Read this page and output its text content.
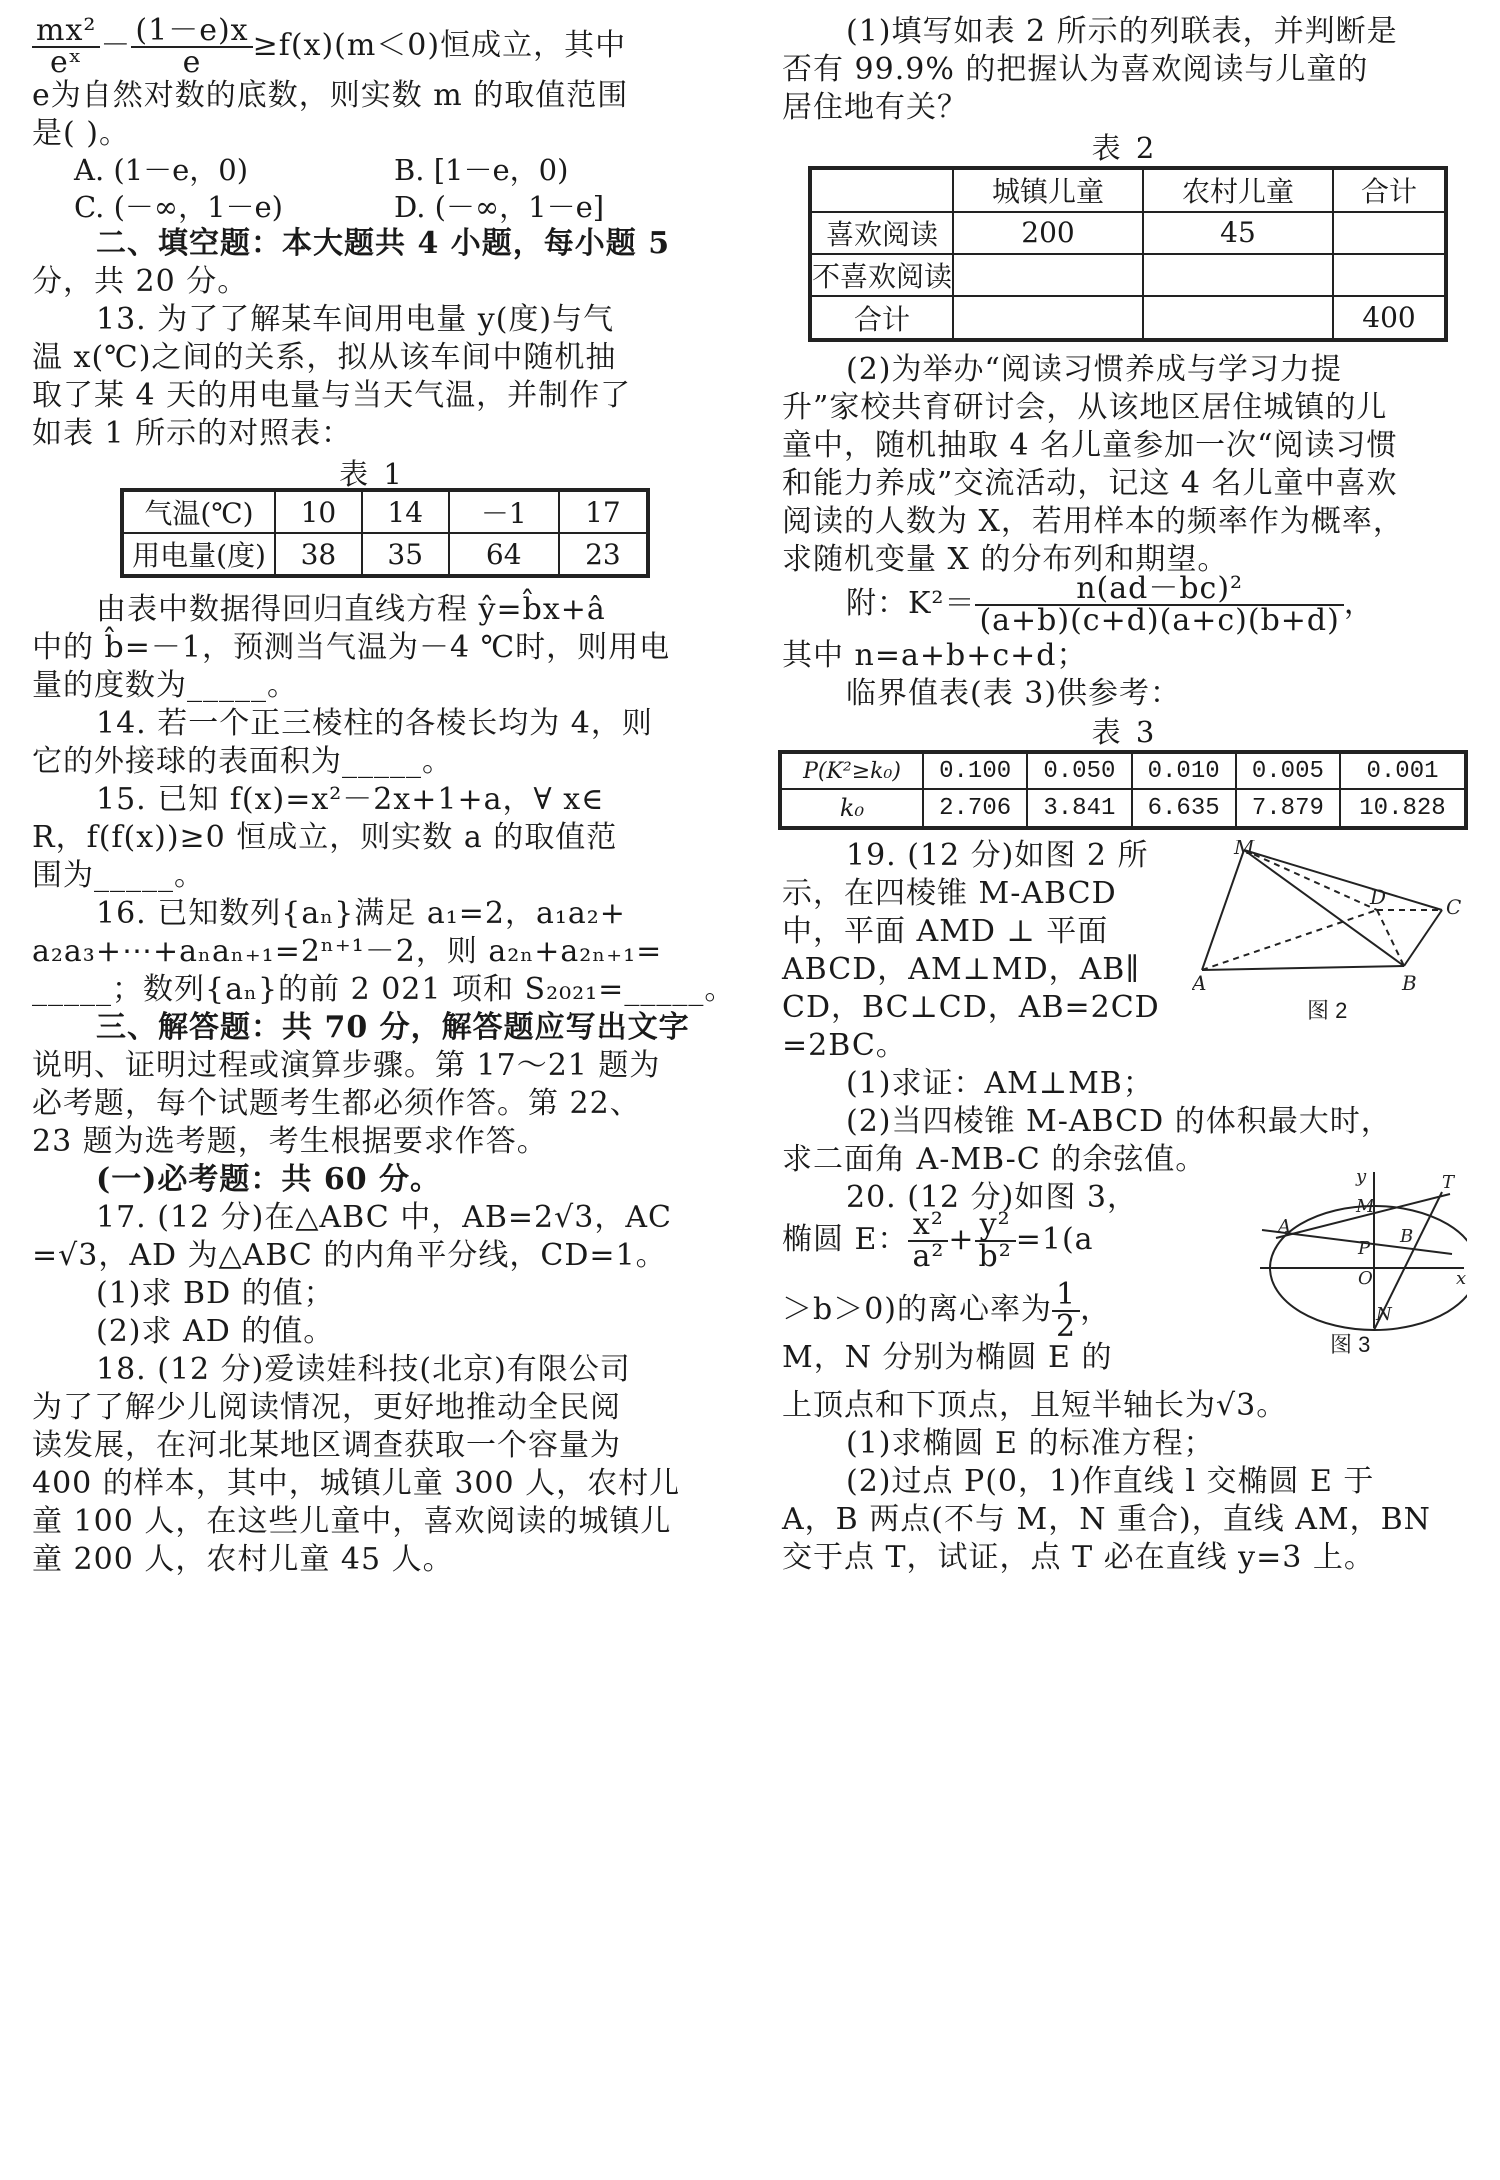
$\frac{\text{mx²}}{\text{eˣ}} - \frac{(1-e)x}{e} \ge f(x)(m<0)$恒成立，其中
e为自然对数的底数，则实数 m 的取值范围
是( )。
A. (1－e，0)	B. [1－e，0)
C. (－∞，1－e)	D. (－∞，1－e]
二、填空题：本大题共 4 小题，每小题 5
分，共 20 分。
13. 为了了解某车间用电量 y(度)与气
温 x(℃)之间的关系，拟从该车间中随机抽
取了某 4 天的用电量与当天气温，并制作了
如表 1 所示的对照表：
表 1
气温(℃)	10	14	－1	17
用电量(度)	38	35	64	23
由表中数据得回归直线方程 ŷ=b̂x+â
中的 b̂=－1，预测当气温为－4 ℃时，则用电
量的度数为_____。
14. 若一个正三棱柱的各棱长均为 4，则
它的外接球的表面积为_____。
15. 已知 f(x)=x²－2x+1+a，∀ x∈
R，f(f(x))≥0 恒成立，则实数 a 的取值范
围为_____。
16. 已知数列{aₙ}满足 a₁=2，a₁a₂+
a₂a₃+⋯+aₙaₙ₊₁=2ⁿ⁺¹－2，则 a₂ₙ+a₂ₙ₊₁=
_____；数列{aₙ}的前 2 021 项和 S₂₀₂₁=_____。
三、解答题：共 70 分，解答题应写出文字
说明、证明过程或演算步骤。第 17～21 题为
必考题，每个试题考生都必须作答。第 22、
23 题为选考题，考生根据要求作答。
(一)必考题：共 60 分。
17. (12 分)在△ABC 中，AB=2√3，AC
=√3，AD 为△ABC 的内角平分线，CD=1。
(1)求 BD 的值；
(2)求 AD 的值。
18. (12 分)爱读娃科技(北京)有限公司
为了了解少儿阅读情况，更好地推动全民阅
读发展，在河北某地区调查获取一个容量为
400 的样本，其中，城镇儿童 300 人，农村儿
童 100 人，在这些儿童中，喜欢阅读的城镇儿
童 200 人，农村儿童 45 人。
(1)填写如表 2 所示的列联表，并判断是
否有 99.9% 的把握认为喜欢阅读与儿童的
居住地有关？
表 2
	城镇儿童	农村儿童	合计
喜欢阅读	200	45	
不喜欢阅读			
合计			400
(2)为举办“阅读习惯养成与学习力提
升”家校共育研讨会，从该地区居住城镇的儿
童中，随机抽取 4 名儿童参加一次“阅读习惯
和能力养成”交流活动，记这 4 名儿童中喜欢
阅读的人数为 X，若用样本的频率作为概率，
求随机变量 X 的分布列和期望。
附：$K^2= \frac{\text{n(ad－bc)²}}{(a+b)(c+d)(a+c)(b+d)}$ ，
其中 n=a+b+c+d；
临界值表(表 3)供参考：
表 3
P(K²≥k₀)	0.100	0.050	0.010	0.005	0.001
k₀	2.706	3.841	6.635	7.879	10.828
19. (12 分)如图 2 所
示，在四棱锥 M-ABCD
中，平面 AMD ⊥ 平面
ABCD，AM⊥MD，AB∥
CD，BC⊥CD，AB=2CD
=2BC。
M
D	C
A	B
图 2
(1)求证：AM⊥MB；
(2)当四棱锥 M-ABCD 的体积最大时，
求二面角 A-MB-C 的余弦值。
20. (12 分)如图 3，
椭圆 E： $\frac{\text{x²}}{\text{a²}} + \frac{\text{y²}}{\text{b²}} =1(a$
＞b＞0)的离心率为 $\frac{1}{2}$ ，
M，N 分别为椭圆 E 的
y
x
T
M
A	B
P
O
N
图 3
上顶点和下顶点，且短半轴长为√3。
(1)求椭圆 E 的标准方程；
(2)过点 P(0，1)作直线 l 交椭圆 E 于
A，B 两点(不与 M，N 重合)，直线 AM，BN
交于点 T，试证，点 T 必在直线 y=3 上。
